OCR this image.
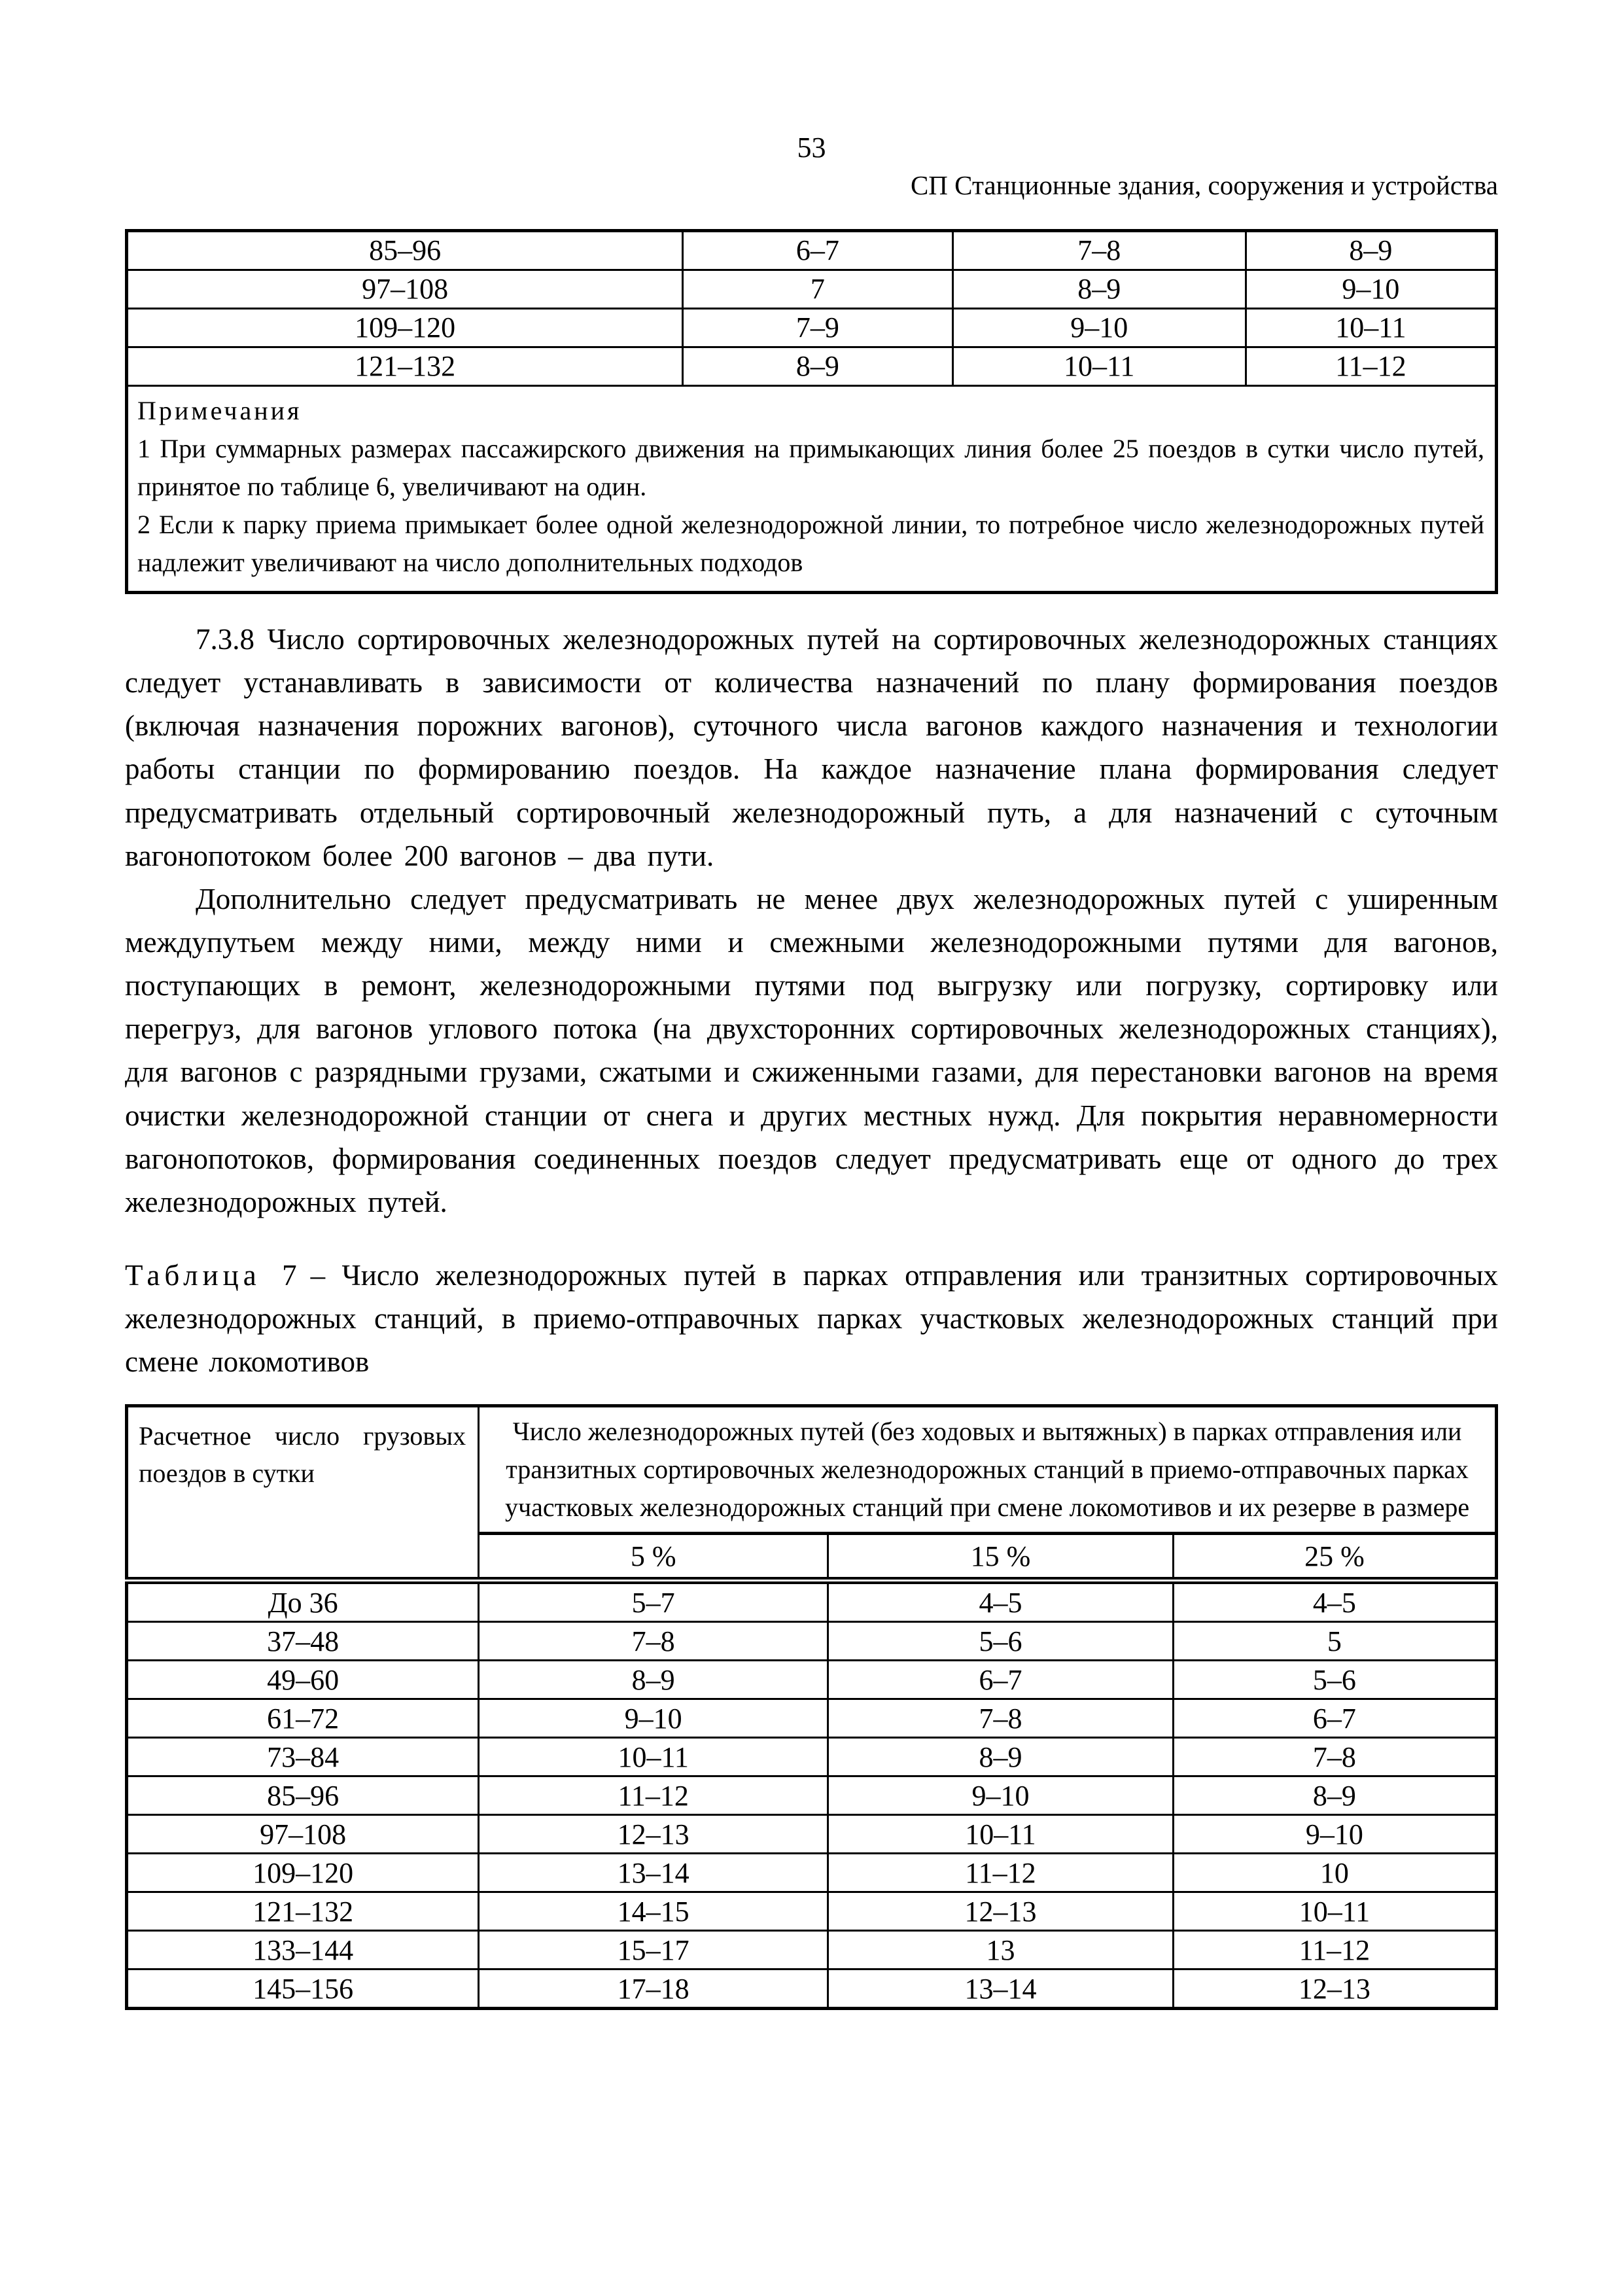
53
СП Станционные здания, сооружения и устройства
85–96	6–7	7–8	8–9
97–108	7	8–9	9–10
109–120	7–9	9–10	10–11
121–132	8–9	10–11	11–12

Примечания

1 При суммарных размерах пассажирского движения на примыкающих линия более 25 поездов в сутки число путей, принятое по таблице 6, увеличивают на один.

2 Если к парку приема примыкает более одной железнодорожной линии, то потребное число железнодорожных путей надлежит увеличивают на число дополнительных подходов			

7.3.8 Число сортировочных железнодорожных путей на сортировочных железнодорожных станциях следует устанавливать в зависимости от количества назначений по плану формирования поездов (включая назначения порожних вагонов), суточного числа вагонов каждого назначения и технологии работы станции по формированию поездов. На каждое назначение плана формирования следует предусматривать отдельный сортировочный железнодорожный путь, а для назначений с суточным вагонопотоком более 200 вагонов – два пути.

Дополнительно следует предусматривать не менее двух железнодорожных путей с уширенным междупутьем между ними, между ними и смежными железнодорожными путями для вагонов, поступающих в ремонт, железнодорожными путями под выгрузку или погрузку, сортировку или перегруз, для вагонов углового потока (на двухсторонних сортировочных железнодорожных станциях), для вагонов с разрядными грузами, сжатыми и сжиженными газами, для перестановки вагонов на время очистки железнодорожной станции от снега и других местных нужд. Для покрытия неравномерности вагонопотоков, формирования соединенных поездов следует предусматривать еще от одного до трех железнодорожных путей.

Таблица 7 – Число железнодорожных путей в парках отправления или транзитных сортировочных железнодорожных станций, в приемо-отправочных парках участковых железнодорожных станций при смене локомотивов

Расчетное число грузовых поездов в сутки	Число железнодорожных путей (без ходовых и вытяжных) в парках отправления или транзитных сортировочных железнодорожных станций в приемо-отправочных парках участковых железнодорожных станций при смене локомотивов и их резерве в размере		
	5 %	15 %	25 %
До 36	5–7	4–5	4–5
37–48	7–8	5–6	5
49–60	8–9	6–7	5–6
61–72	9–10	7–8	6–7
73–84	10–11	8–9	7–8
85–96	11–12	9–10	8–9
97–108	12–13	10–11	9–10
109–120	13–14	11–12	10
121–132	14–15	12–13	10–11
133–144	15–17	13	11–12
145–156	17–18	13–14	12–13
